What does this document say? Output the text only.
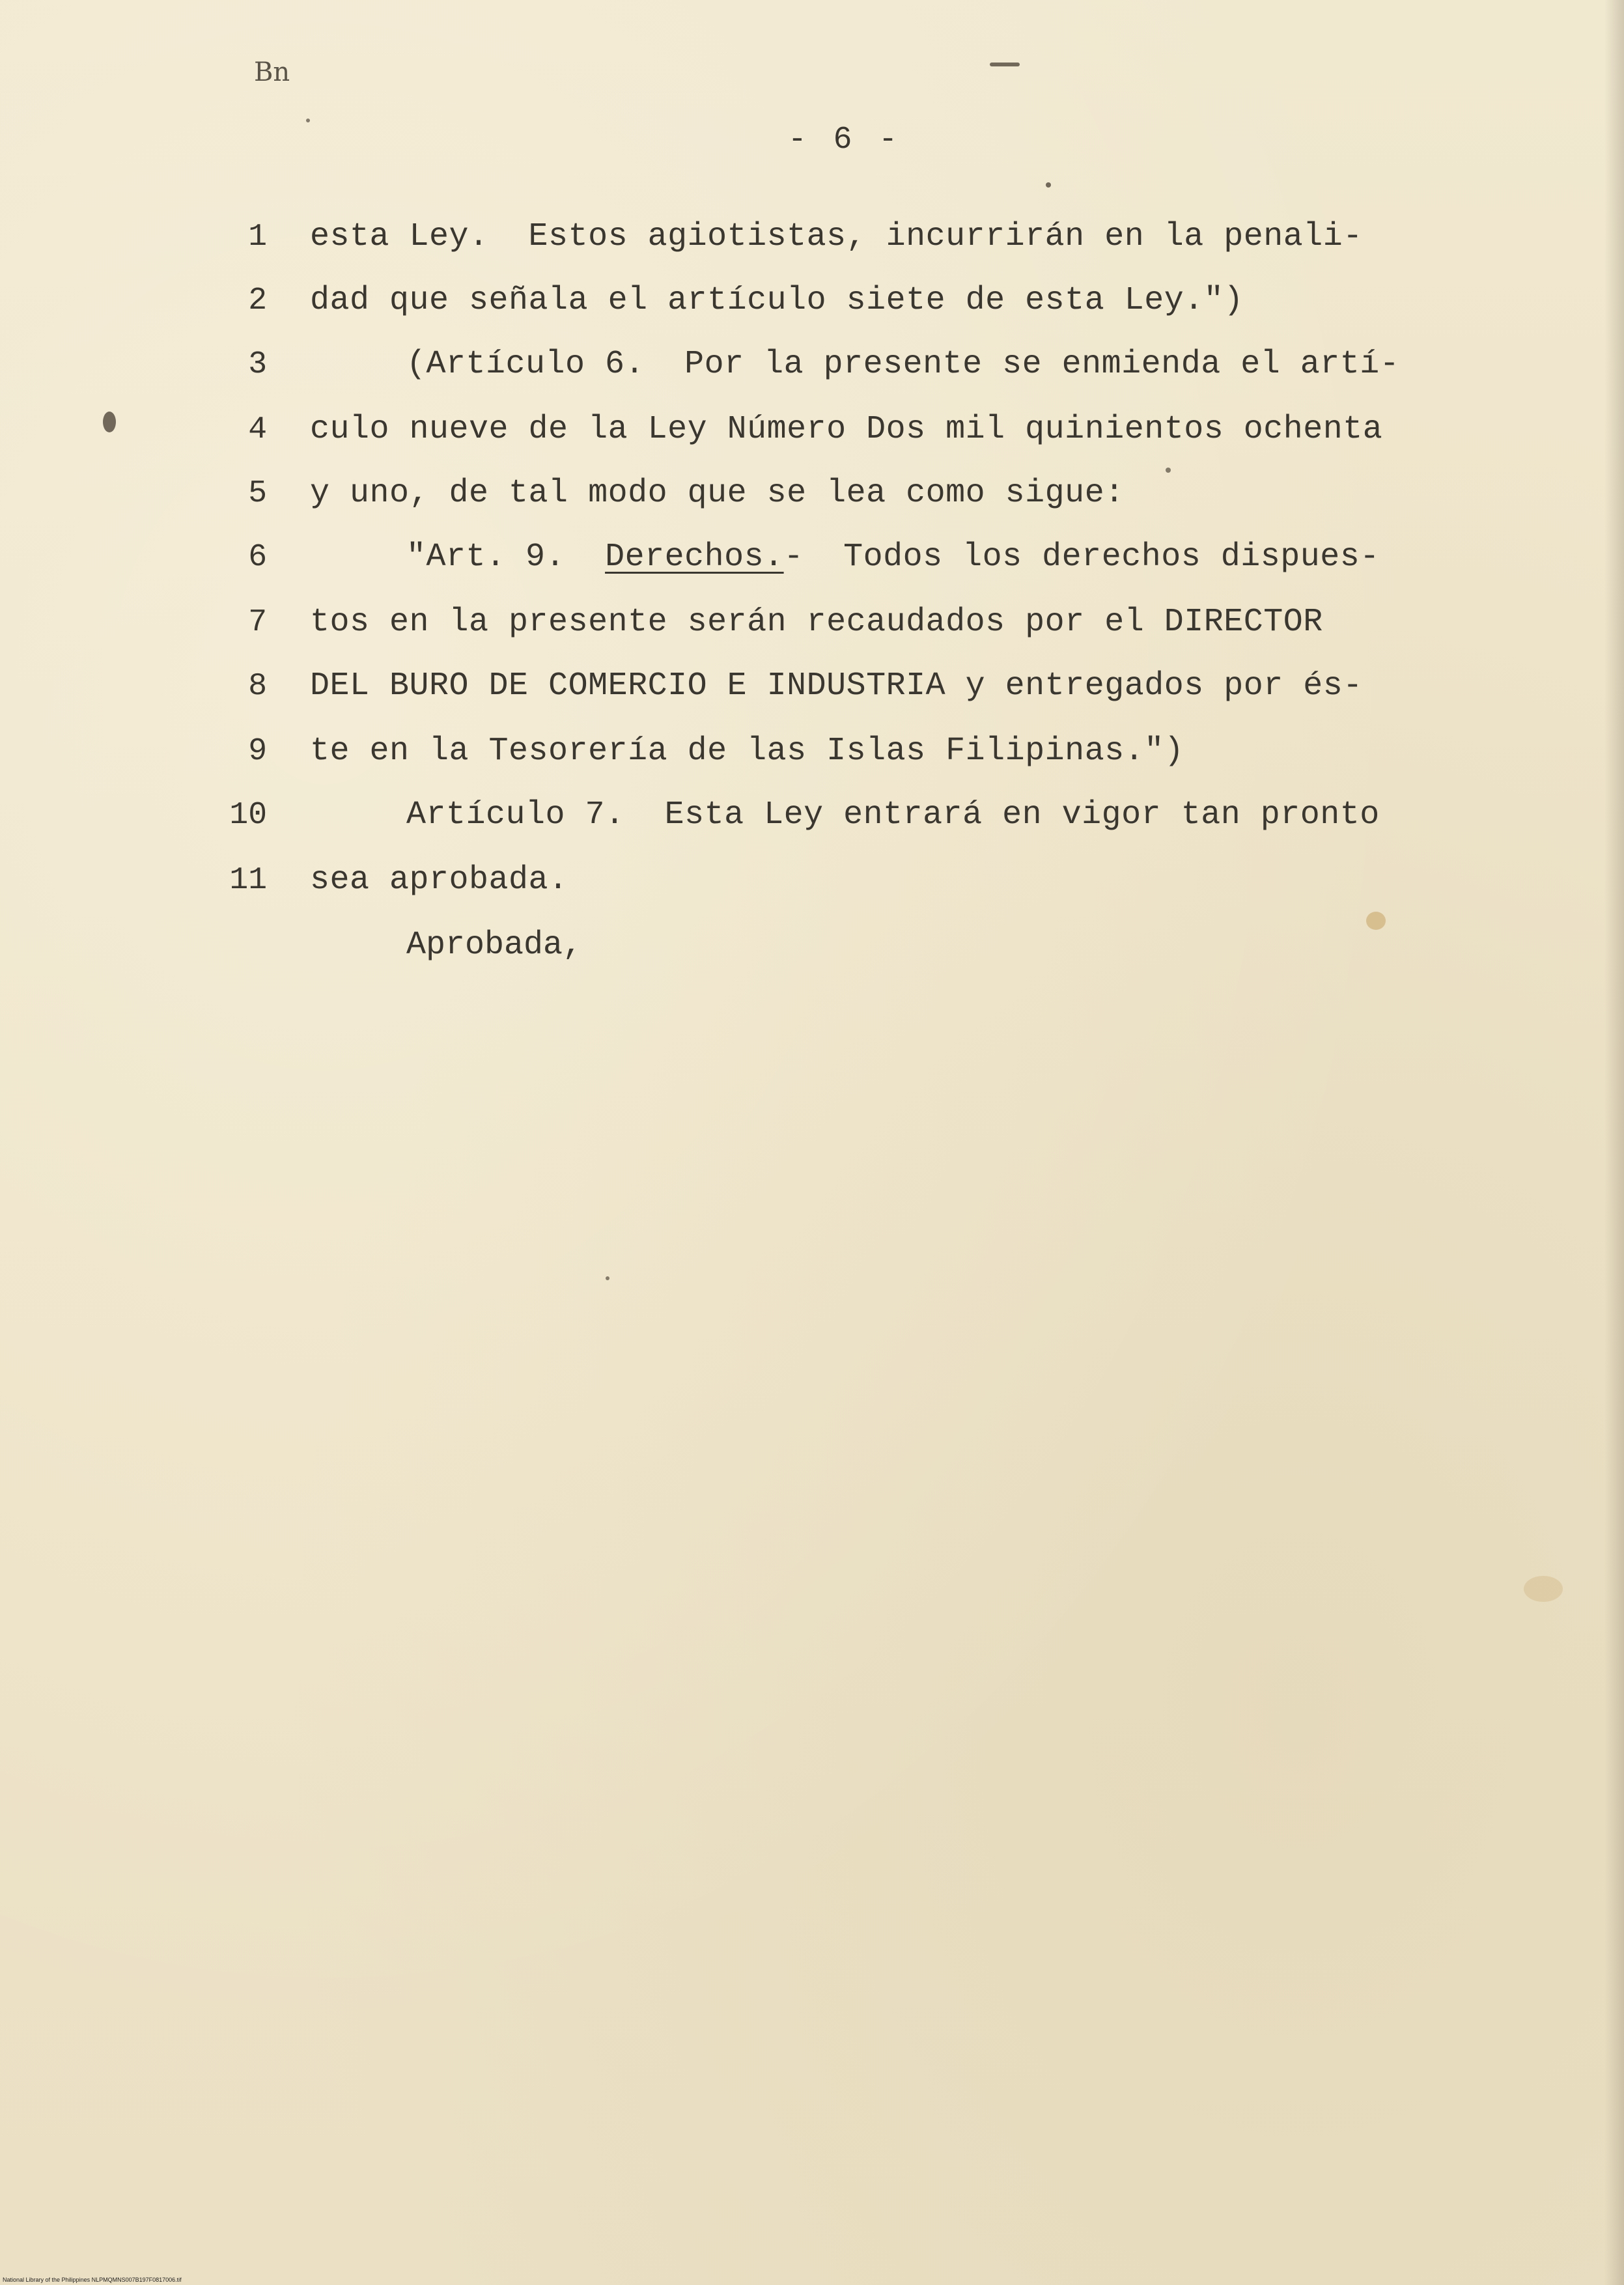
Bn
- 6 -
1 esta Ley.  Estos agiotistas, incurrirán en la penali-
2 dad que señala el artículo siete de esta Ley.")
3	(Artículo 6.  Por la presente se enmienda el artí-
4 culo nueve de la Ley Número Dos mil quinientos ochenta
5 y uno, de tal modo que se lea como sigue:
6	"Art. 9.  Derechos.-  Todos los derechos dispues-
7 tos en la presente serán recaudados por el DIRECTOR
8 DEL BURO DE COMERCIO E INDUSTRIA y entregados por és-
9 te en la Tesorería de las Islas Filipinas.")
10	Artículo 7.  Esta Ley entrará en vigor tan pronto
11 sea aprobada.
Aprobada,
National Library of the Philippines NLPMQMNS007B197F0817006.tif
